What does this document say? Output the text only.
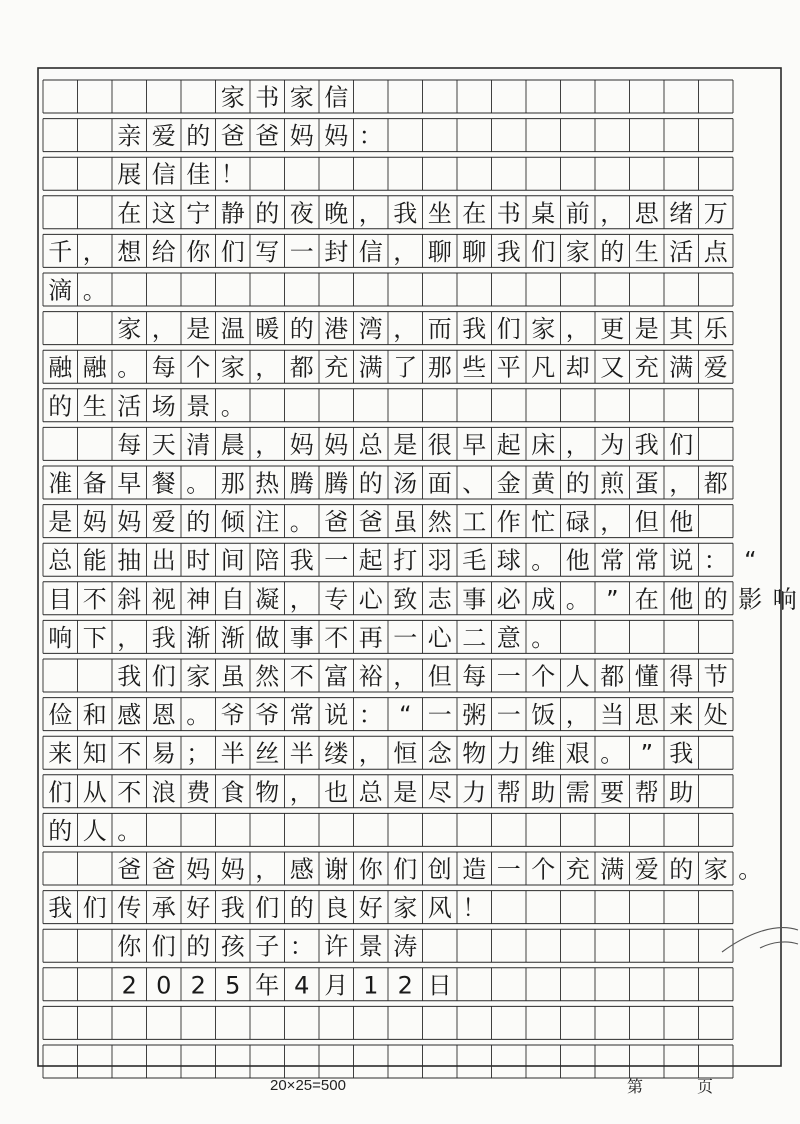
家 书 家 信
亲 爱 的 爸 爸 妈 妈 ：
展 信 佳 ！
在 这 宁 静 的 夜 晚 ， 我 坐 在 书 桌 前 ， 思 绪 万
千 ， 想 给 你 们 写 一 封 信 ， 聊 聊 我 们 家 的 生 活 点
滴 。
家 ， 是 温 暖 的 港 湾 ， 而 我 们 家 ， 更 是 其 乐
融 融 。 每 个 家 ， 都 充 满 了 那 些 平 凡 却 又 充 满 爱
的 生 活 场 景 。
每 天 清 晨 ， 妈 妈 总 是 很 早 起 床 ， 为 我 们
准 备 早 餐 。 那 热 腾 腾 的 汤 面 、 金 黄 的 煎 蛋 ， 都
是 妈 妈 爱 的 倾 注 。 爸 爸 虽 然 工 作 忙 碌 ， 但 他
总 能 抽 出 时 间 陪 我 一 起 打 羽 毛 球 。 他 常 常 说 ： “
目 不 斜 视 神 自 凝 ， 专 心 致 志 事 必 成 。 ” 在 他 的 影 响
响 下 ， 我 渐 渐 做 事 不 再 一 心 二 意 。
我 们 家 虽 然 不 富 裕 ， 但 每 一 个 人 都 懂 得 节
俭 和 感 恩 。 爷 爷 常 说 ： “ 一 粥 一 饭 ， 当 思 来 处
来 知 不 易 ； 半 丝 半 缕 ， 恒 念 物 力 维 艰 。 ” 我
们 从 不 浪 费 食 物 ， 也 总 是 尽 力 帮 助 需 要 帮 助
的 人 。
爸 爸 妈 妈 ， 感 谢 你 们 创 造 一 个 充 满 爱 的 家 。
我 们 传 承 好 我 们 的 良 好 家 风 ！
你 们 的 孩 子 ： 许 景 涛
2 0 2 5 年 4 月 1 2 日
20×25=500	第	页
